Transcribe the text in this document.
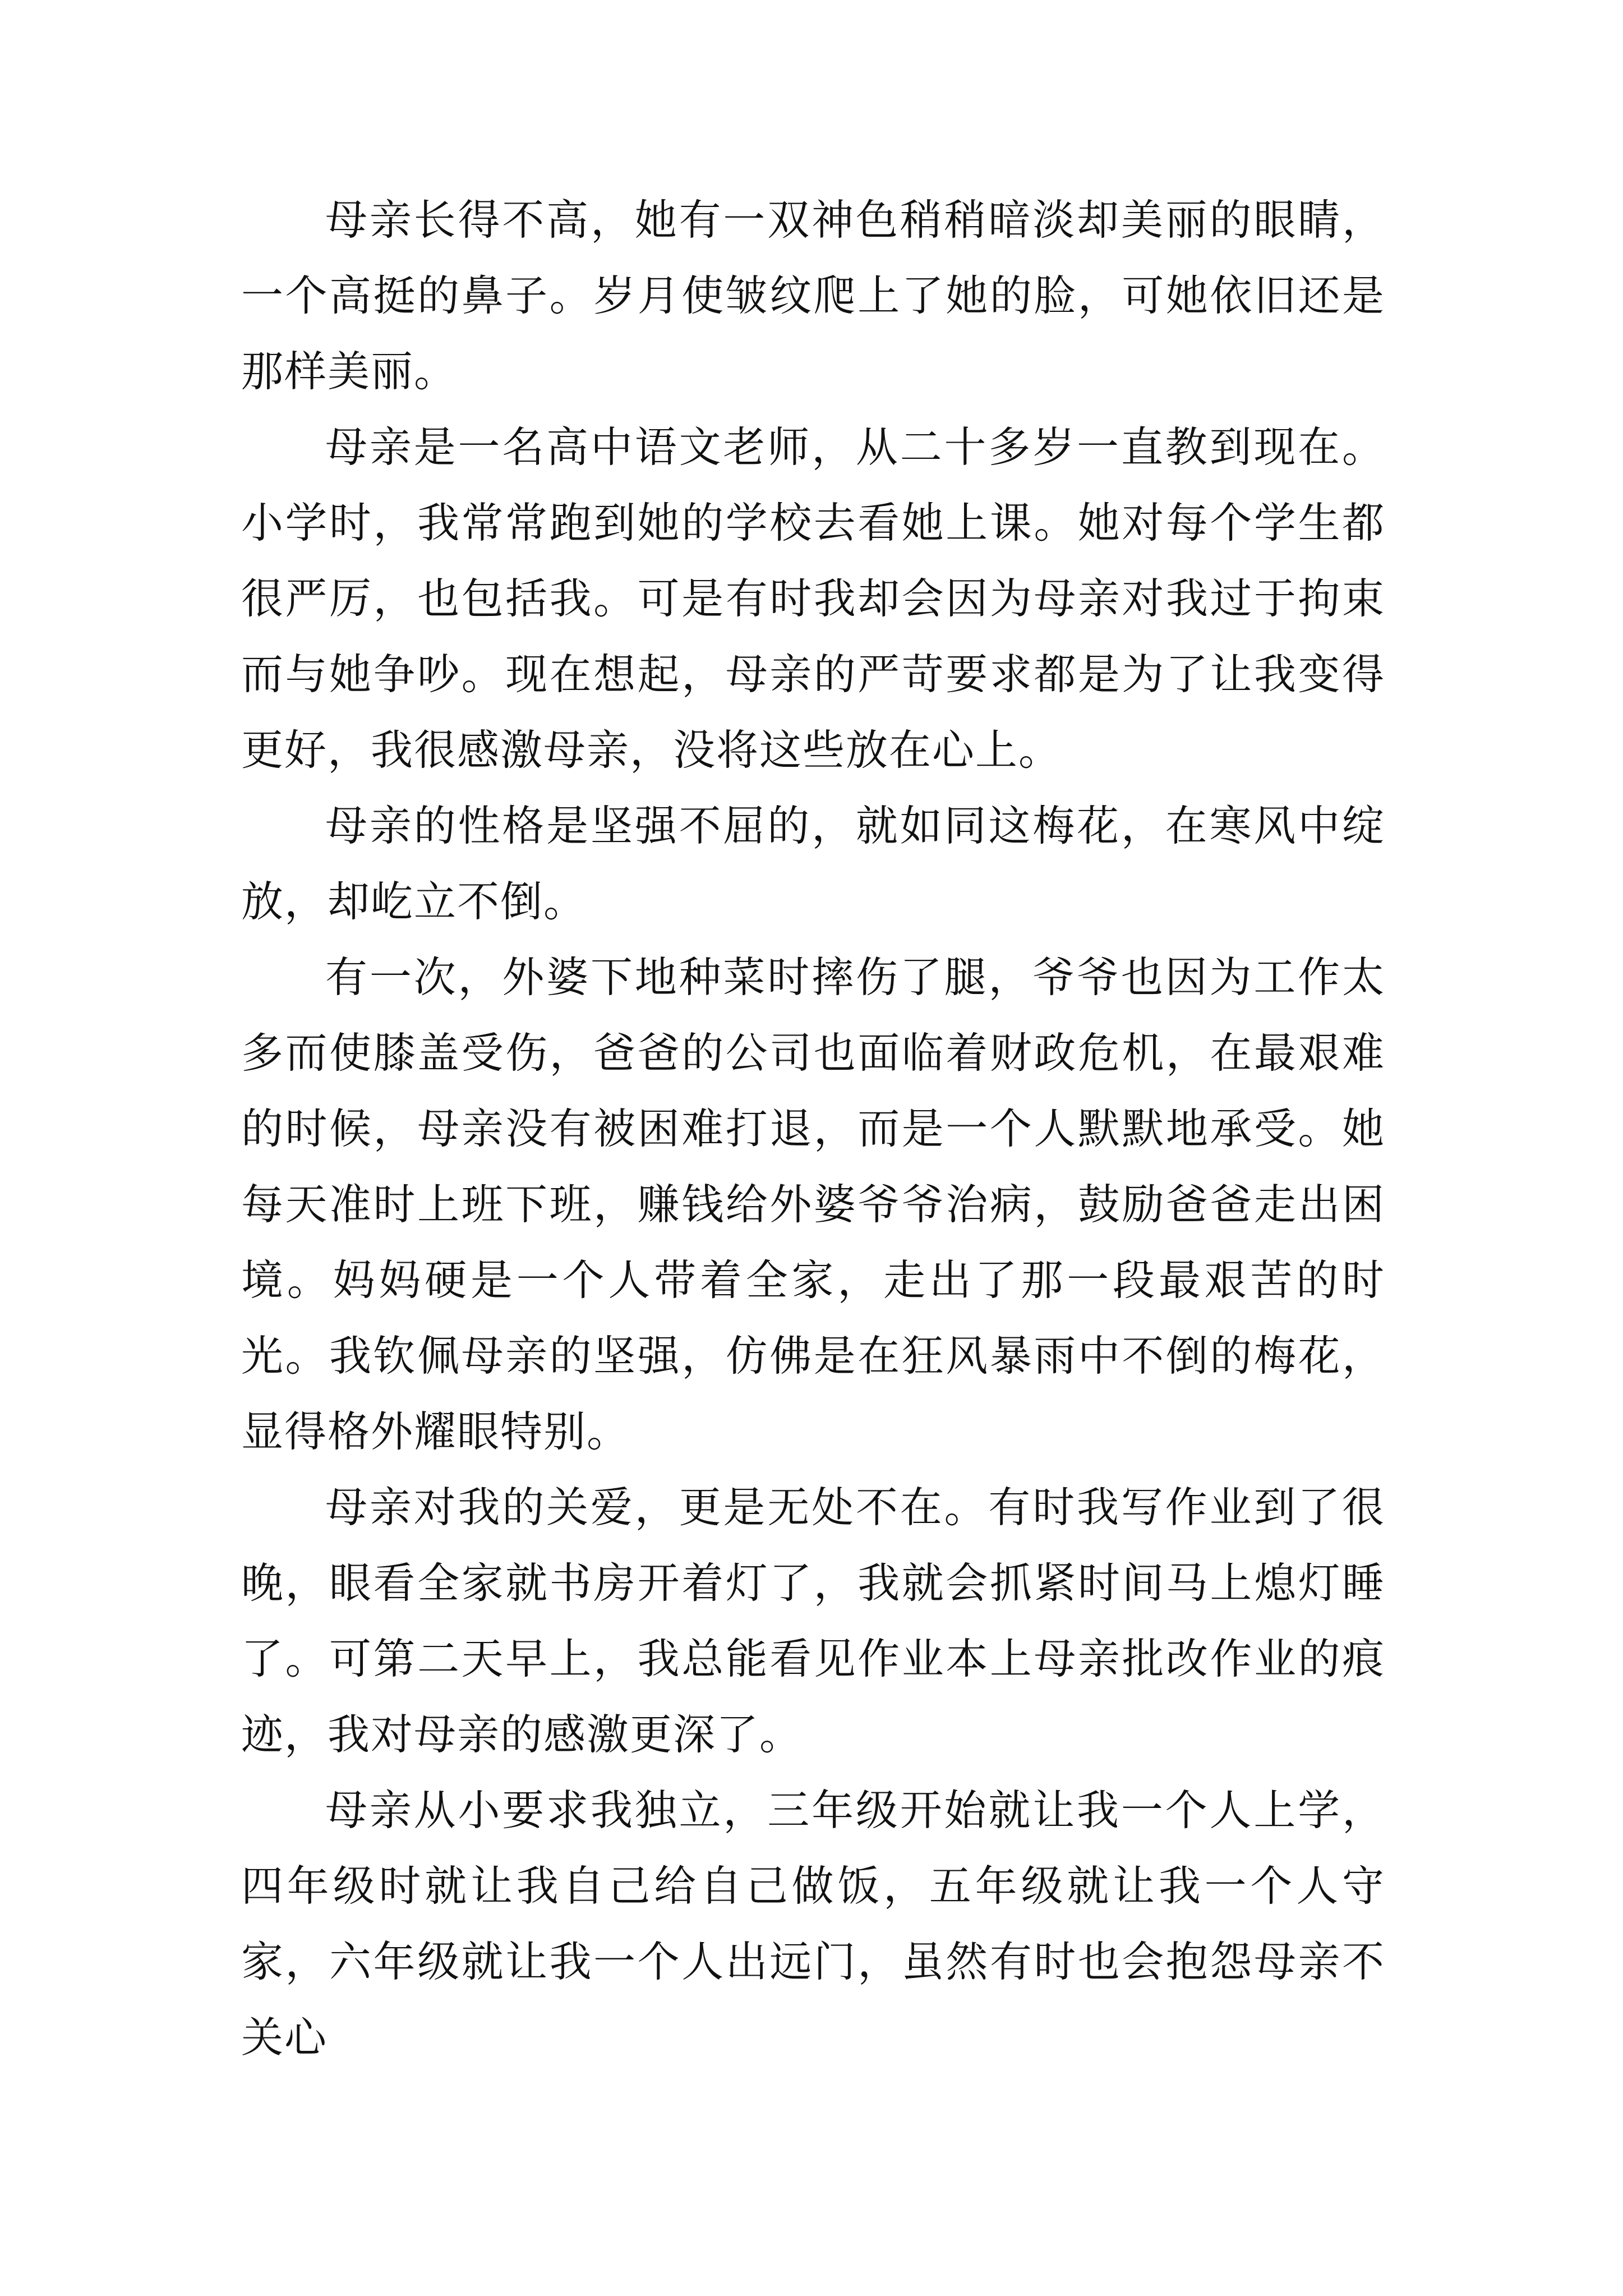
母亲长得不高，她有一双神色稍稍暗淡却美丽的眼睛，一个高挺的鼻子。岁月使皱纹爬上了她的脸，可她依旧还是那样美丽。

母亲是一名高中语文老师，从二十多岁一直教到现在。小学时，我常常跑到她的学校去看她上课。她对每个学生都很严厉，也包括我。可是有时我却会因为母亲对我过于拘束而与她争吵。现在想起，母亲的严苛要求都是为了让我变得更好，我很感激母亲，没将这些放在心上。

母亲的性格是坚强不屈的，就如同这梅花，在寒风中绽放，却屹立不倒。

有一次，外婆下地种菜时摔伤了腿，爷爷也因为工作太多而使膝盖受伤，爸爸的公司也面临着财政危机，在最艰难的时候，母亲没有被困难打退，而是一个人默默地承受。她每天准时上班下班，赚钱给外婆爷爷治病，鼓励爸爸走出困境。妈妈硬是一个人带着全家，走出了那一段最艰苦的时光。我钦佩母亲的坚强，仿佛是在狂风暴雨中不倒的梅花，显得格外耀眼特别。

母亲对我的关爱，更是无处不在。有时我写作业到了很晚，眼看全家就书房开着灯了，我就会抓紧时间马上熄灯睡了。可第二天早上，我总能看见作业本上母亲批改作业的痕迹，我对母亲的感激更深了。

母亲从小要求我独立，三年级开始就让我一个人上学，四年级时就让我自己给自己做饭，五年级就让我一个人守家，六年级就让我一个人出远门，虽然有时也会抱怨母亲不关心
